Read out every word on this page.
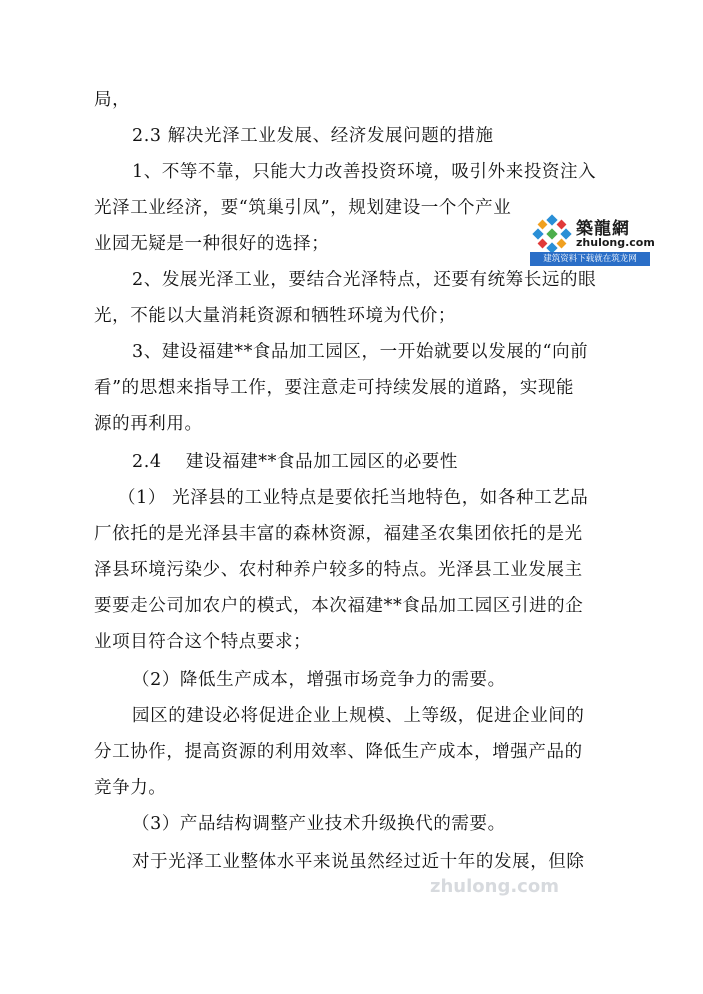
局，
2.3 解决光泽工业发展、经济发展问题的措施
1、不等不靠，只能大力改善投资环境，吸引外来投资注入
光泽工业经济，要“筑巢引凤”，规划建设一个个产业
业园无疑是一种很好的选择；
2、发展光泽工业，要结合光泽特点，还要有统筹长远的眼
光，不能以大量消耗资源和牺牲环境为代价；
3、建设福建**食品加工园区，一开始就要以发展的“向前
看”的思想来指导工作，要注意走可持续发展的道路，实现能
源的再利用。
2.4　 建设福建**食品加工园区的必要性
（1） 光泽县的工业特点是要依托当地特色，如各种工艺品
厂依托的是光泽县丰富的森林资源，福建圣农集团依托的是光
泽县环境污染少、农村种养户较多的特点。光泽县工业发展主
要要走公司加农户的模式，本次福建**食品加工园区引进的企
业项目符合这个特点要求；
（2）降低生产成本，增强市场竞争力的需要。
园区的建设必将促进企业上规模、上等级，促进企业间的
分工协作，提高资源的利用效率、降低生产成本，增强产品的
竞争力。
（3）产品结构调整产业技术升级换代的需要。
对于光泽工业整体水平来说虽然经过近十年的发展，但除
築龍網
zhulong.com
建筑资料下载就在筑龙网
zhulong.com
